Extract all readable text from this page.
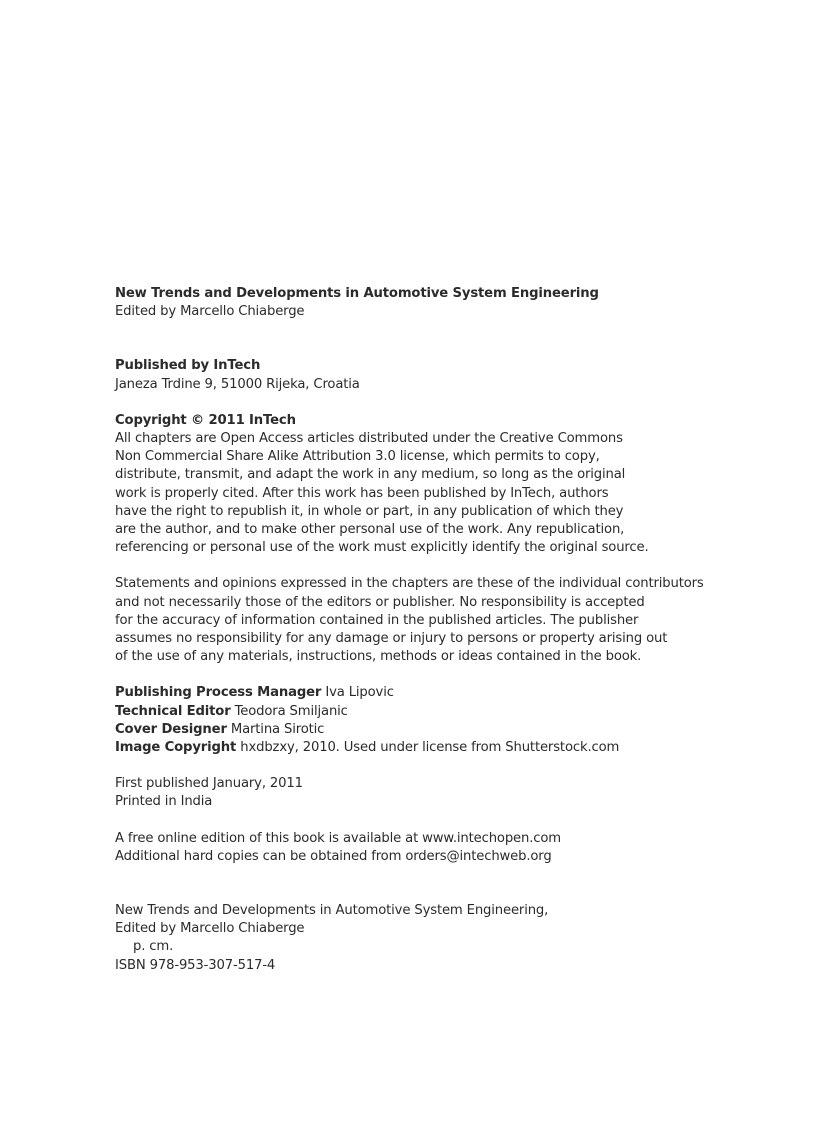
New Trends and Developments in Automotive System Engineering
Edited by Marcello Chiaberge
Published by InTech
Janeza Trdine 9, 51000 Rijeka, Croatia
Copyright © 2011 InTech
All chapters are Open Access articles distributed under the Creative Commons
Non Commercial Share Alike Attribution 3.0 license, which permits to copy,
distribute, transmit, and adapt the work in any medium, so long as the original
work is properly cited. After this work has been published by InTech, authors
have the right to republish it, in whole or part, in any publication of which they
are the author, and to make other personal use of the work. Any republication,
referencing or personal use of the work must explicitly identify the original source.
Statements and opinions expressed in the chapters are these of the individual contributors
and not necessarily those of the editors or publisher. No responsibility is accepted
for the accuracy of information contained in the published articles. The publisher
assumes no responsibility for any damage or injury to persons or property arising out
of the use of any materials, instructions, methods or ideas contained in the book.
Publishing Process Manager Iva Lipovic
Technical Editor Teodora Smiljanic
Cover Designer Martina Sirotic
Image Copyright hxdbzxy, 2010. Used under license from Shutterstock.com
First published January, 2011
Printed in India
A free online edition of this book is available at www.intechopen.com
Additional hard copies can be obtained from orders@intechweb.org
New Trends and Developments in Automotive System Engineering,
Edited by Marcello Chiaberge
p. cm.
ISBN 978-953-307-517-4
